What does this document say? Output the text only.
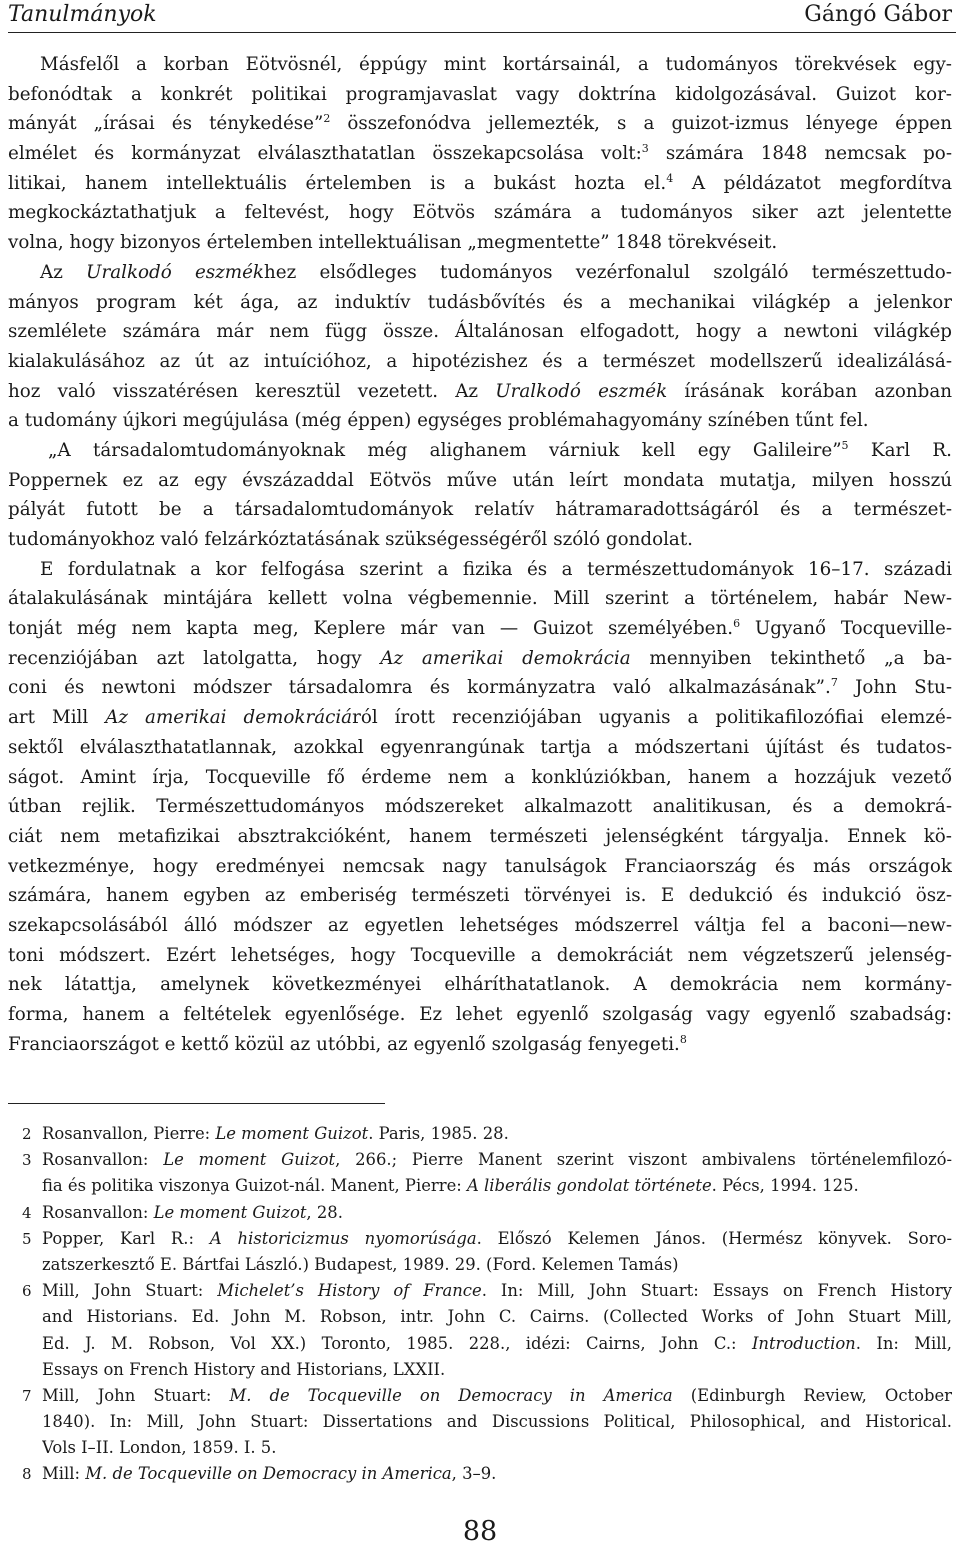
Tanulmányok	Gángó Gábor
Másfelől a korban Eötvösnél, éppúgy mint kortársainál, a tudományos törekvések egy-
befonódtak a konkrét politikai programjavaslat vagy doktrína kidolgozásával. Guizot kor-
mányát „írásai és ténykedése”$^2$ összefonódva jellemezték, s a guizot-izmus lényege éppen
elmélet és kormányzat elválaszthatatlan összekapcsolása volt:$^3$ számára 1848 nemcsak po-
litikai, hanem intellektuális értelemben is a bukást hozta el.$^4$ A példázatot megfordítva
megkockáztathatjuk a feltevést, hogy Eötvös számára a tudományos siker azt jelentette
volna, hogy bizonyos értelemben intellektuálisan „megmentette” 1848 törekvéseit.
Az Uralkodó eszmékhez elsődleges tudományos vezérfonalul szolgáló természettudo-
mányos program két ága, az induktív tudásbővítés és a mechanikai világkép a jelenkor
szemlélete számára már nem függ össze. Általánosan elfogadott, hogy a newtoni világkép
kialakulásához az út az intuícióhoz, a hipotézishez és a természet modellszerű idealizálásá-
hoz való visszatérésen keresztül vezetett. Az Uralkodó eszmék írásának korában azonban
a tudomány újkori megújulása (még éppen) egységes problémahagyomány színében tűnt fel.
„A társadalomtudományoknak még alighanem várniuk kell egy Galileire”$^5$ Karl R.
Poppernek ez az egy évszázaddal Eötvös műve után leírt mondata mutatja, milyen hosszú
pályát futott be a társadalomtudományok relatív hátramaradottságáról és a természet-
tudományokhoz való felzárkóztatásának szükségességéről szóló gondolat.
E fordulatnak a kor felfogása szerint a fizika és a természettudományok 16–17. századi
átalakulásának mintájára kellett volna végbemennie. Mill szerint a történelem, habár New-
tonját még nem kapta meg, Keplere már van — Guizot személyében.$^6$ Ugyanő Tocqueville-
recenziójában azt latolgatta, hogy Az amerikai demokrácia mennyiben tekinthető „a ba-
coni és newtoni módszer társadalomra és kormányzatra való alkalmazásának”.$^7$ John Stu-
art Mill Az amerikai demokráciáról írott recenziójában ugyanis a politikafilozófiai elemzé-
sektől elválaszthatatlannak, azokkal egyenrangúnak tartja a módszertani újítást és tudatos-
ságot. Amint írja, Tocqueville fő érdeme nem a konklúziókban, hanem a hozzájuk vezető
útban rejlik. Természettudományos módszereket alkalmazott analitikusan, és a demokrá-
ciát nem metafizikai absztrakcióként, hanem természeti jelenségként tárgyalja. Ennek kö-
vetkezménye, hogy eredményei nemcsak nagy tanulságok Franciaország és más országok
számára, hanem egyben az emberiség természeti törvényei is. E dedukció és indukció ösz-
szekapcsolásából álló módszer az egyetlen lehetséges módszerrel váltja fel a baconi—new-
toni módszert. Ezért lehetséges, hogy Tocqueville a demokráciát nem végzetszerű jelenség-
nek látattja, amelynek következményei elháríthatatlanok. A demokrácia nem kormány-
forma, hanem a feltételek egyenlősége. Ez lehet egyenlő szolgaság vagy egyenlő szabadság:
Franciaországot e kettő közül az utóbbi, az egyenlő szolgaság fenyegeti.$^8$
2 Rosanvallon, Pierre: Le moment Guizot. Paris, 1985. 28.
3 Rosanvallon: Le moment Guizot, 266.; Pierre Manent szerint viszont ambivalens történelemfilozó-
fia és politika viszonya Guizot-nál. Manent, Pierre: A liberális gondolat története. Pécs, 1994. 125.
4 Rosanvallon: Le moment Guizot, 28.
5 Popper, Karl R.: A historicizmus nyomorúsága. Előszó Kelemen János. (Hermész könyvek. Soro-
zatszerkesztő E. Bártfai László.) Budapest, 1989. 29. (Ford. Kelemen Tamás)
6 Mill, John Stuart: Michelet’s History of France. In: Mill, John Stuart: Essays on French History
and Historians. Ed. John M. Robson, intr. John C. Cairns. (Collected Works of John Stuart Mill,
Ed. J. M. Robson, Vol XX.) Toronto, 1985. 228., idézi: Cairns, John C.: Introduction. In: Mill,
Essays on French History and Historians, LXXII.
7 Mill, John Stuart: M. de Tocqueville on Democracy in America (Edinburgh Review, October
1840). In: Mill, John Stuart: Dissertations and Discussions Political, Philosophical, and Historical.
Vols I–II. London, 1859. I. 5.
8 Mill: M. de Tocqueville on Democracy in America, 3–9.
88
